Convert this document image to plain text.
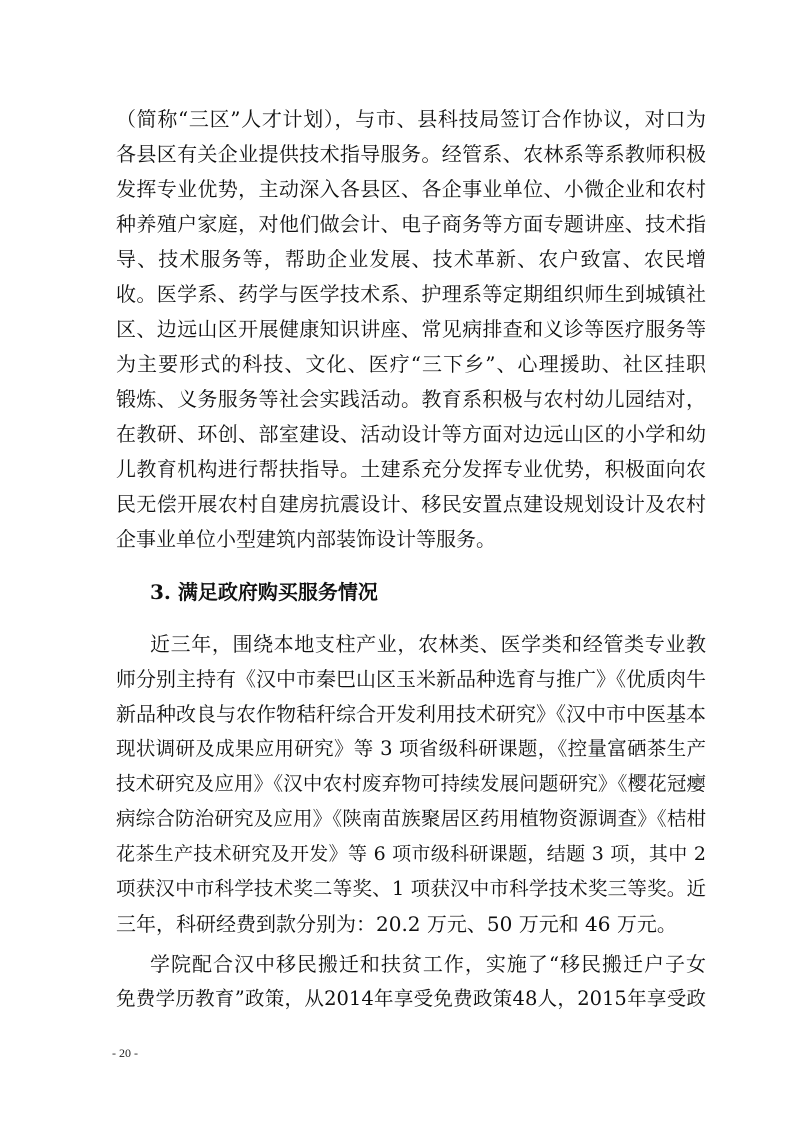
（简称“三区”人才计划），与市、县科技局签订合作协议，对口为
各县区有关企业提供技术指导服务。经管系、农林系等系教师积极
发挥专业优势，主动深入各县区、各企事业单位、小微企业和农村
种养殖户家庭，对他们做会计、电子商务等方面专题讲座、技术指
导、技术服务等，帮助企业发展、技术革新、农户致富、农民增
收。医学系、药学与医学技术系、护理系等定期组织师生到城镇社
区、边远山区开展健康知识讲座、常见病排查和义诊等医疗服务等
为主要形式的科技、文化、医疗“三下乡”、心理援助、社区挂职
锻炼、义务服务等社会实践活动。教育系积极与农村幼儿园结对，
在教研、环创、部室建设、活动设计等方面对边远山区的小学和幼
儿教育机构进行帮扶指导。土建系充分发挥专业优势，积极面向农
民无偿开展农村自建房抗震设计、移民安置点建设规划设计及农村
企事业单位小型建筑内部装饰设计等服务。
3. 满足政府购买服务情况
近三年，围绕本地支柱产业，农林类、医学类和经管类专业教
师分别主持有《汉中市秦巴山区玉米新品种选育与推广》《优质肉牛
新品种改良与农作物秸秆综合开发利用技术研究》《汉中市中医基本
现状调研及成果应用研究》等 3 项省级科研课题，《控量富硒茶生产
技术研究及应用》《汉中农村废弃物可持续发展问题研究》《樱花冠瘿
病综合防治研究及应用》《陕南苗族聚居区药用植物资源调查》《桔柑
花茶生产技术研究及开发》等 6 项市级科研课题，结题 3 项，其中 2
项获汉中市科学技术奖二等奖、1 项获汉中市科学技术奖三等奖。近
三年，科研经费到款分别为：20.2 万元、50 万元和 46 万元。
学院配合汉中移民搬迁和扶贫工作，实施了“移民搬迁户子女
免费学历教育”政策，从2014年享受免费政策48人，2015年享受政
- 20 -
